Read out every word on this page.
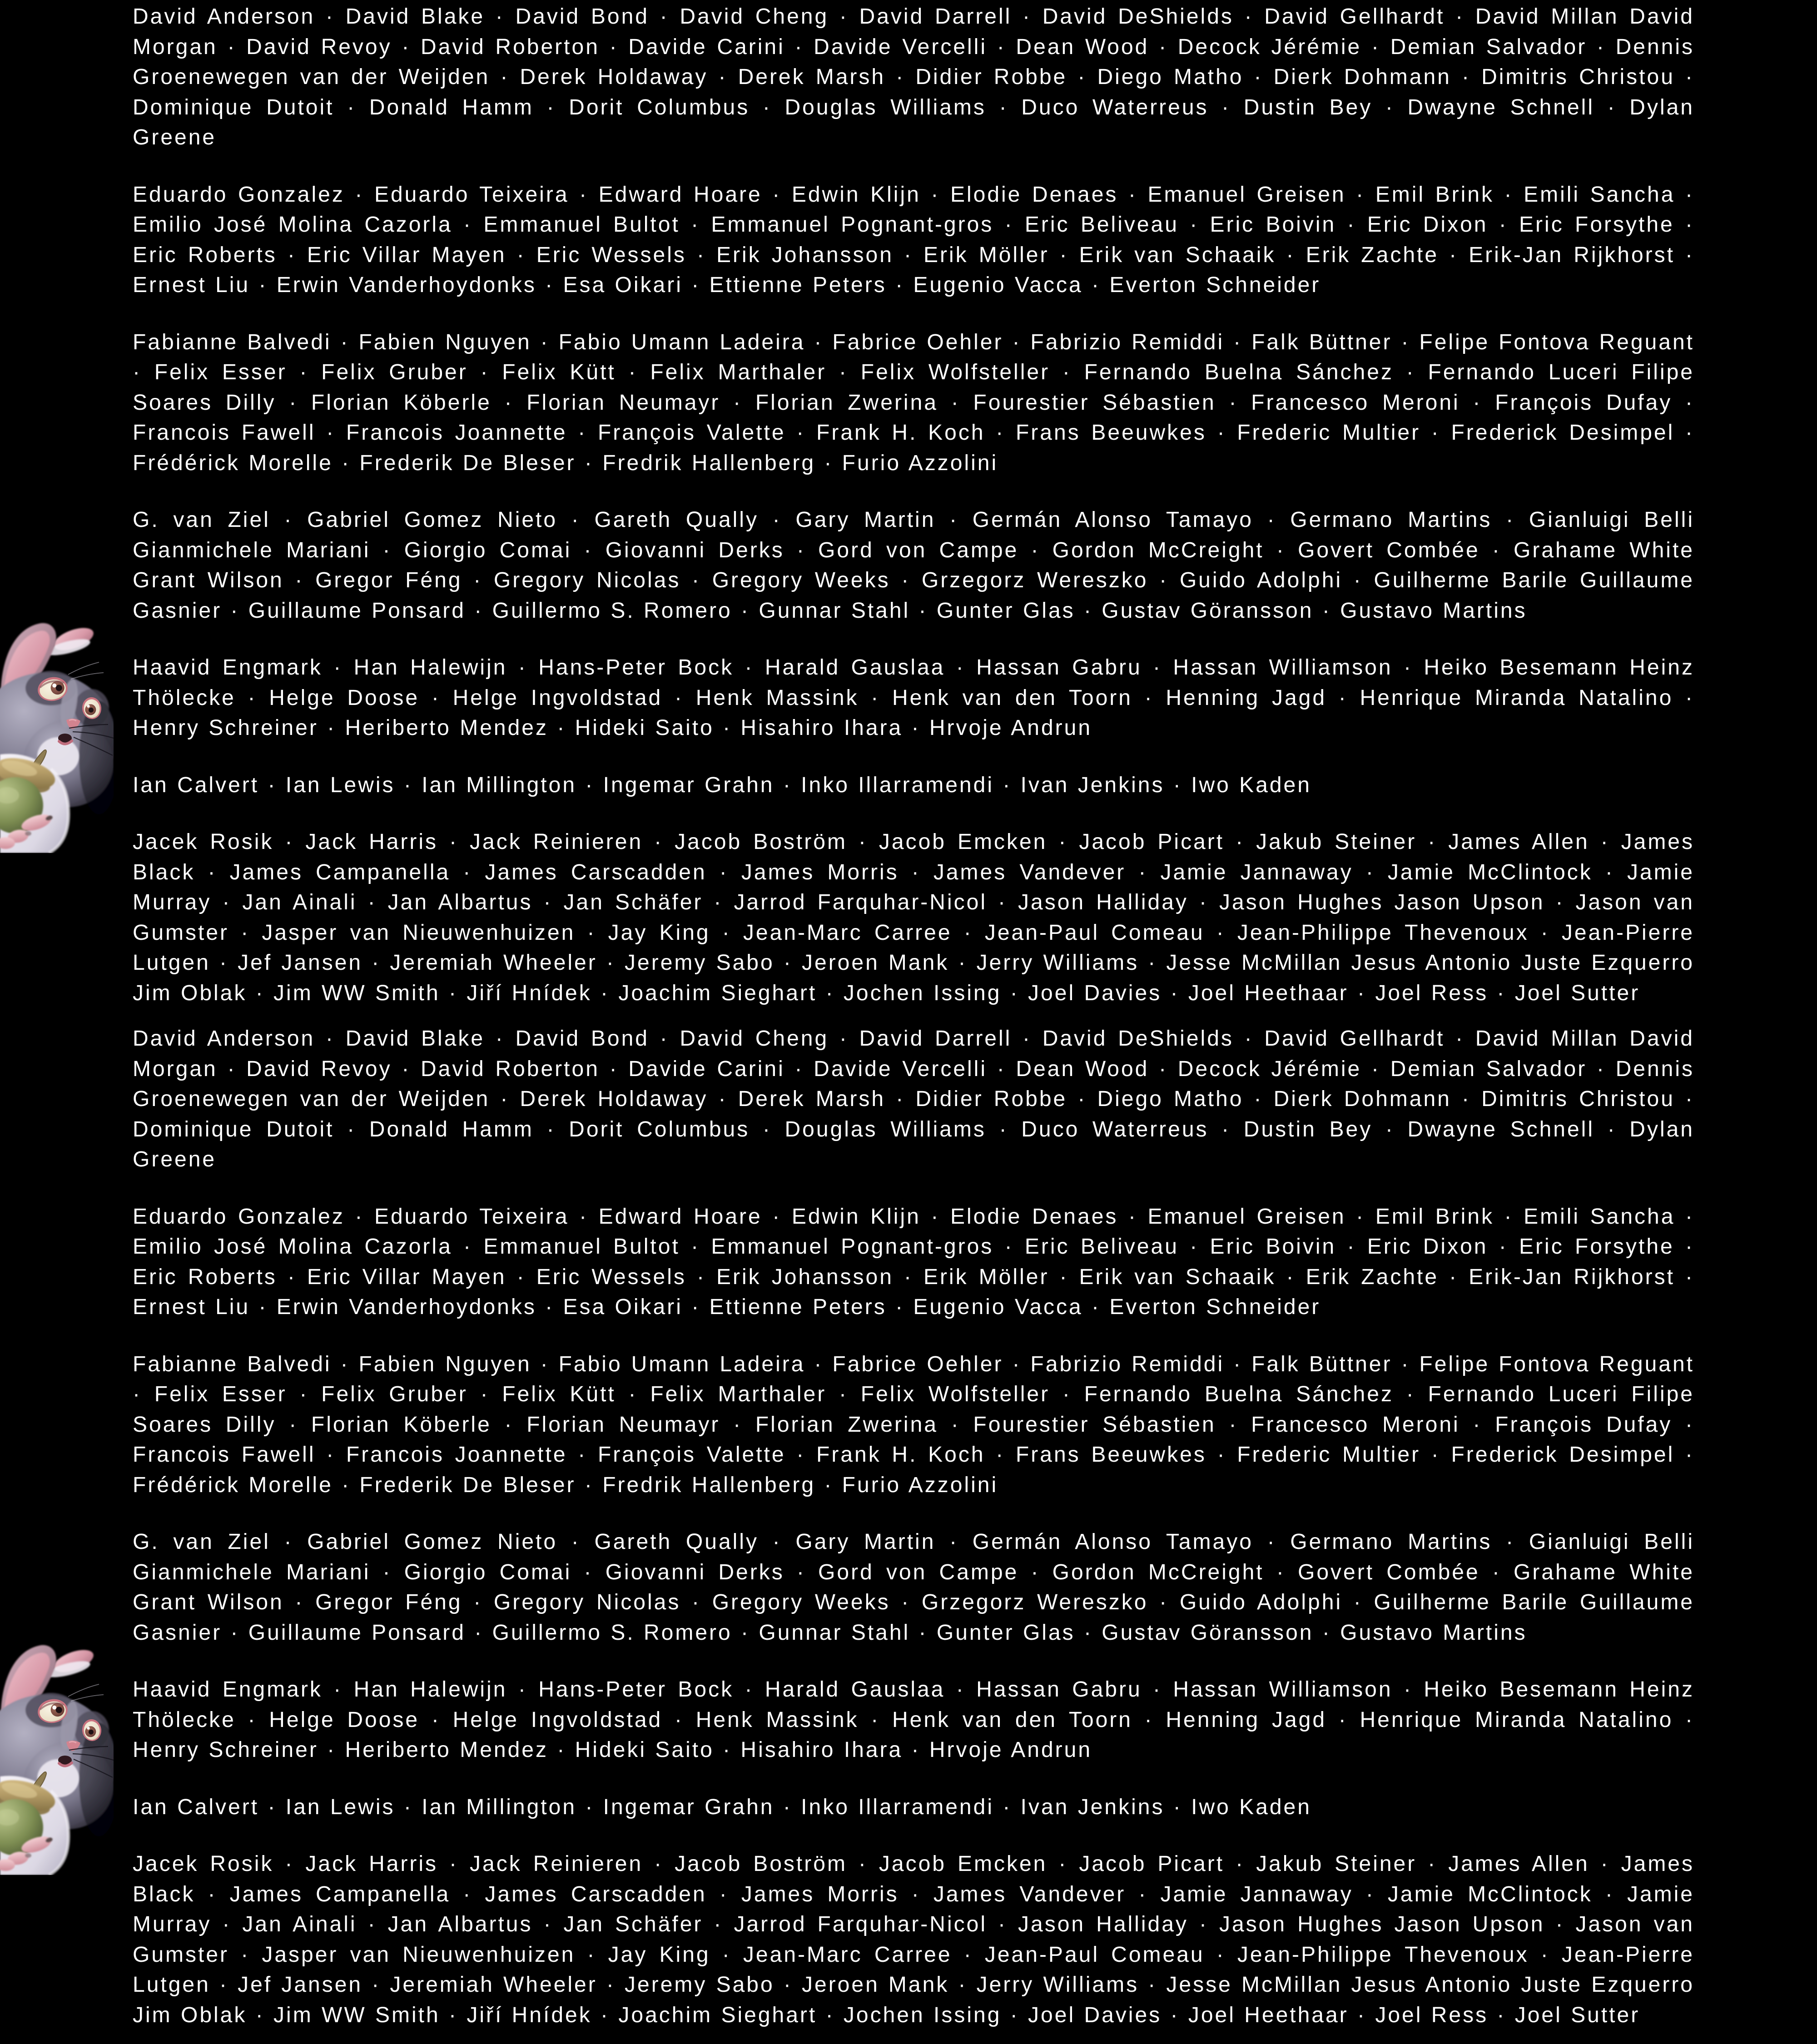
David Anderson · David Blake · David Bond · David Cheng · David Darrell · David DeShields · David Gellhardt · David Millan David Morgan · David Revoy · David Roberton · Davide Carini · Davide Vercelli · Dean Wood · Decock Jérémie · Demian Salvador · Dennis Groenewegen van der Weijden · Derek Holdaway · Derek Marsh · Didier Robbe · Diego Matho · Dierk Dohmann · Dimitris Christou · Dominique Dutoit · Donald Hamm · Dorit Columbus · Douglas Williams · Duco Waterreus · Dustin Bey · Dwayne Schnell · Dylan Greene

Eduardo Gonzalez · Eduardo Teixeira · Edward Hoare · Edwin Klijn · Elodie Denaes · Emanuel Greisen · Emil Brink · Emili Sancha · Emilio José Molina Cazorla · Emmanuel Bultot · Emmanuel Pognant-gros · Eric Beliveau · Eric Boivin · Eric Dixon · Eric Forsythe · Eric Roberts · Eric Villar Mayen · Eric Wessels · Erik Johansson · Erik Möller · Erik van Schaaik · Erik Zachte · Erik-Jan Rijkhorst · Ernest Liu · Erwin Vanderhoydonks · Esa Oikari · Ettienne Peters · Eugenio Vacca · Everton Schneider

Fabianne Balvedi · Fabien Nguyen · Fabio Umann Ladeira · Fabrice Oehler · Fabrizio Remiddi · Falk Büttner · Felipe Fontova Reguant · Felix Esser · Felix Gruber · Felix Kütt · Felix Marthaler · Felix Wolfsteller · Fernando Buelna Sánchez · Fernando Luceri Filipe Soares Dilly · Florian Köberle · Florian Neumayr · Florian Zwerina · Fourestier Sébastien · Francesco Meroni · François Dufay · Francois Fawell · Francois Joannette · François Valette · Frank H. Koch · Frans Beeuwkes · Frederic Multier · Frederick Desimpel · Frédérick Morelle · Frederik De Bleser · Fredrik Hallenberg · Furio Azzolini

G. van Ziel · Gabriel Gomez Nieto · Gareth Qually · Gary Martin · Germán Alonso Tamayo · Germano Martins · Gianluigi Belli Gianmichele Mariani · Giorgio Comai · Giovanni Derks · Gord von Campe · Gordon McCreight · Govert Combée · Grahame White Grant Wilson · Gregor Féng · Gregory Nicolas · Gregory Weeks · Grzegorz Wereszko · Guido Adolphi · Guilherme Barile Guillaume Gasnier · Guillaume Ponsard · Guillermo S. Romero · Gunnar Stahl · Gunter Glas · Gustav Göransson · Gustavo Martins

Haavid Engmark · Han Halewijn · Hans-Peter Bock · Harald Gauslaa · Hassan Gabru · Hassan Williamson · Heiko Besemann Heinz Thölecke · Helge Doose · Helge Ingvoldstad · Henk Massink · Henk van den Toorn · Henning Jagd · Henrique Miranda Natalino · Henry Schreiner · Heriberto Mendez · Hideki Saito · Hisahiro Ihara · Hrvoje Andrun

Ian Calvert · Ian Lewis · Ian Millington · Ingemar Grahn · Inko Illarramendi · Ivan Jenkins · Iwo Kaden

Jacek Rosik · Jack Harris · Jack Reinieren · Jacob Boström · Jacob Emcken · Jacob Picart · Jakub Steiner · James Allen · James Black · James Campanella · James Carscadden · James Morris · James Vandever · Jamie Jannaway · Jamie McClintock · Jamie Murray · Jan Ainali · Jan Albartus · Jan Schäfer · Jarrod Farquhar-Nicol · Jason Halliday · Jason Hughes Jason Upson · Jason van Gumster · Jasper van Nieuwenhuizen · Jay King · Jean-Marc Carree · Jean-Paul Comeau · Jean-Philippe Thevenoux · Jean-Pierre Lutgen · Jef Jansen · Jeremiah Wheeler · Jeremy Sabo · Jeroen Mank · Jerry Williams · Jesse McMillan Jesus Antonio Juste Ezquerro Jim Oblak · Jim WW Smith · Jiří Hnídek · Joachim Sieghart · Jochen Issing · Joel Davies · Joel Heethaar · Joel Ress · Joel Sutter

David Anderson · David Blake · David Bond · David Cheng · David Darrell · David DeShields · David Gellhardt · David Millan David Morgan · David Revoy · David Roberton · Davide Carini · Davide Vercelli · Dean Wood · Decock Jérémie · Demian Salvador · Dennis Groenewegen van der Weijden · Derek Holdaway · Derek Marsh · Didier Robbe · Diego Matho · Dierk Dohmann · Dimitris Christou · Dominique Dutoit · Donald Hamm · Dorit Columbus · Douglas Williams · Duco Waterreus · Dustin Bey · Dwayne Schnell · Dylan Greene

Eduardo Gonzalez · Eduardo Teixeira · Edward Hoare · Edwin Klijn · Elodie Denaes · Emanuel Greisen · Emil Brink · Emili Sancha · Emilio José Molina Cazorla · Emmanuel Bultot · Emmanuel Pognant-gros · Eric Beliveau · Eric Boivin · Eric Dixon · Eric Forsythe · Eric Roberts · Eric Villar Mayen · Eric Wessels · Erik Johansson · Erik Möller · Erik van Schaaik · Erik Zachte · Erik-Jan Rijkhorst · Ernest Liu · Erwin Vanderhoydonks · Esa Oikari · Ettienne Peters · Eugenio Vacca · Everton Schneider

Fabianne Balvedi · Fabien Nguyen · Fabio Umann Ladeira · Fabrice Oehler · Fabrizio Remiddi · Falk Büttner · Felipe Fontova Reguant · Felix Esser · Felix Gruber · Felix Kütt · Felix Marthaler · Felix Wolfsteller · Fernando Buelna Sánchez · Fernando Luceri Filipe Soares Dilly · Florian Köberle · Florian Neumayr · Florian Zwerina · Fourestier Sébastien · Francesco Meroni · François Dufay · Francois Fawell · Francois Joannette · François Valette · Frank H. Koch · Frans Beeuwkes · Frederic Multier · Frederick Desimpel · Frédérick Morelle · Frederik De Bleser · Fredrik Hallenberg · Furio Azzolini

G. van Ziel · Gabriel Gomez Nieto · Gareth Qually · Gary Martin · Germán Alonso Tamayo · Germano Martins · Gianluigi Belli Gianmichele Mariani · Giorgio Comai · Giovanni Derks · Gord von Campe · Gordon McCreight · Govert Combée · Grahame White Grant Wilson · Gregor Féng · Gregory Nicolas · Gregory Weeks · Grzegorz Wereszko · Guido Adolphi · Guilherme Barile Guillaume Gasnier · Guillaume Ponsard · Guillermo S. Romero · Gunnar Stahl · Gunter Glas · Gustav Göransson · Gustavo Martins

Haavid Engmark · Han Halewijn · Hans-Peter Bock · Harald Gauslaa · Hassan Gabru · Hassan Williamson · Heiko Besemann Heinz Thölecke · Helge Doose · Helge Ingvoldstad · Henk Massink · Henk van den Toorn · Henning Jagd · Henrique Miranda Natalino · Henry Schreiner · Heriberto Mendez · Hideki Saito · Hisahiro Ihara · Hrvoje Andrun

Ian Calvert · Ian Lewis · Ian Millington · Ingemar Grahn · Inko Illarramendi · Ivan Jenkins · Iwo Kaden

Jacek Rosik · Jack Harris · Jack Reinieren · Jacob Boström · Jacob Emcken · Jacob Picart · Jakub Steiner · James Allen · James Black · James Campanella · James Carscadden · James Morris · James Vandever · Jamie Jannaway · Jamie McClintock · Jamie Murray · Jan Ainali · Jan Albartus · Jan Schäfer · Jarrod Farquhar-Nicol · Jason Halliday · Jason Hughes Jason Upson · Jason van Gumster · Jasper van Nieuwenhuizen · Jay King · Jean-Marc Carree · Jean-Paul Comeau · Jean-Philippe Thevenoux · Jean-Pierre Lutgen · Jef Jansen · Jeremiah Wheeler · Jeremy Sabo · Jeroen Mank · Jerry Williams · Jesse McMillan Jesus Antonio Juste Ezquerro Jim Oblak · Jim WW Smith · Jiří Hnídek · Joachim Sieghart · Jochen Issing · Joel Davies · Joel Heethaar · Joel Ress · Joel Sutter
